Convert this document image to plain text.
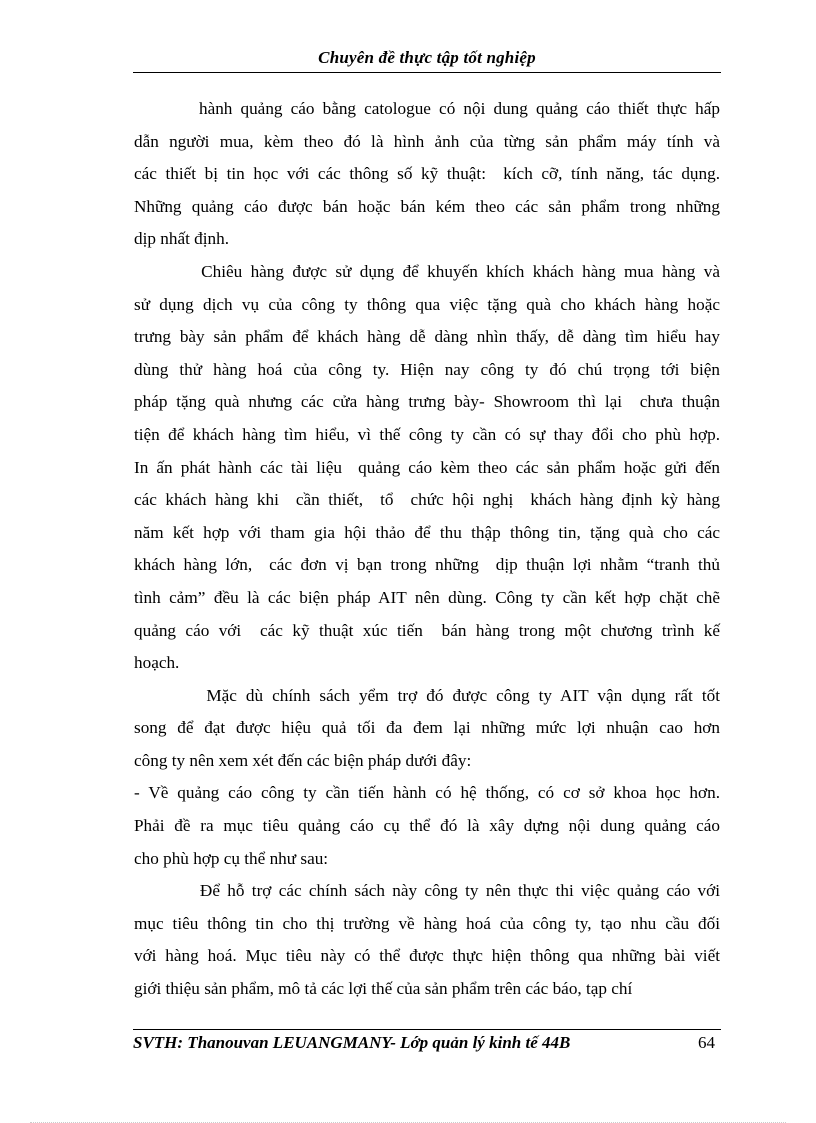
Chuyên đề thực tập tốt nghiệp
hành quảng cáo bằng catologue có nội dung quảng cáo thiết thực hấp
dẫn người mua, kèm theo đó là hình ảnh của từng sản phẩm máy tính và
các thiết bị tin học với các thông số kỹ thuật:  kích cỡ, tính năng, tác dụng.
Những quảng cáo được bán hoặc bán kém theo các sản phẩm trong những
dịp nhất định.
Chiêu hàng được sử dụng để khuyến khích khách hàng mua hàng và
sử dụng dịch vụ của công ty thông qua việc tặng quà cho khách hàng hoặc
trưng bày sản phẩm để khách hàng dễ dàng nhìn thấy, dễ dàng tìm hiểu hay
dùng thử hàng hoá của công ty. Hiện nay công ty đó chú trọng tới biện
pháp tặng quà nhưng các cửa hàng trưng bày- Showroom thì lại  chưa thuận
tiện để khách hàng tìm hiểu, vì thế công ty cần có sự thay đổi cho phù hợp.
In ấn phát hành các tài liệu  quảng cáo kèm theo các sản phẩm hoặc gửi đến
các khách hàng khi  cần thiết,  tổ  chức hội nghị  khách hàng định kỳ hàng
năm kết hợp với tham gia hội thảo để thu thập thông tin, tặng quà cho các
khách hàng lớn,  các đơn vị bạn trong những  dịp thuận lợi nhằm “tranh thủ
tình cảm” đều là các biện pháp AIT nên dùng. Công ty cần kết hợp chặt chẽ
quảng cáo với  các kỹ thuật xúc tiến  bán hàng trong một chương trình kế
hoạch.
Mặc dù chính sách yểm trợ đó được công ty AIT vận dụng rất tốt
song để đạt được hiệu quả tối đa đem lại những mức lợi nhuận cao hơn
công ty nên xem xét đến các biện pháp dưới đây:
- Về quảng cáo công ty cần tiến hành có hệ thống, có cơ sở khoa học hơn.
Phải đề ra mục tiêu quảng cáo cụ thể đó là xây dựng nội dung quảng cáo
cho phù hợp cụ thể như sau:
Để hỗ trợ các chính sách này công ty nên thực thi việc quảng cáo với
mục tiêu thông tin cho thị trường về hàng hoá của công ty, tạo nhu cầu đối
với hàng hoá. Mục tiêu này có thể được thực hiện thông qua những bài viết
giới thiệu sản phẩm, mô tả các lợi thế của sản phẩm trên các báo, tạp chí
SVTH: Thanouvan LEUANGMANY- Lớp quản lý kinh tế 44B	64
